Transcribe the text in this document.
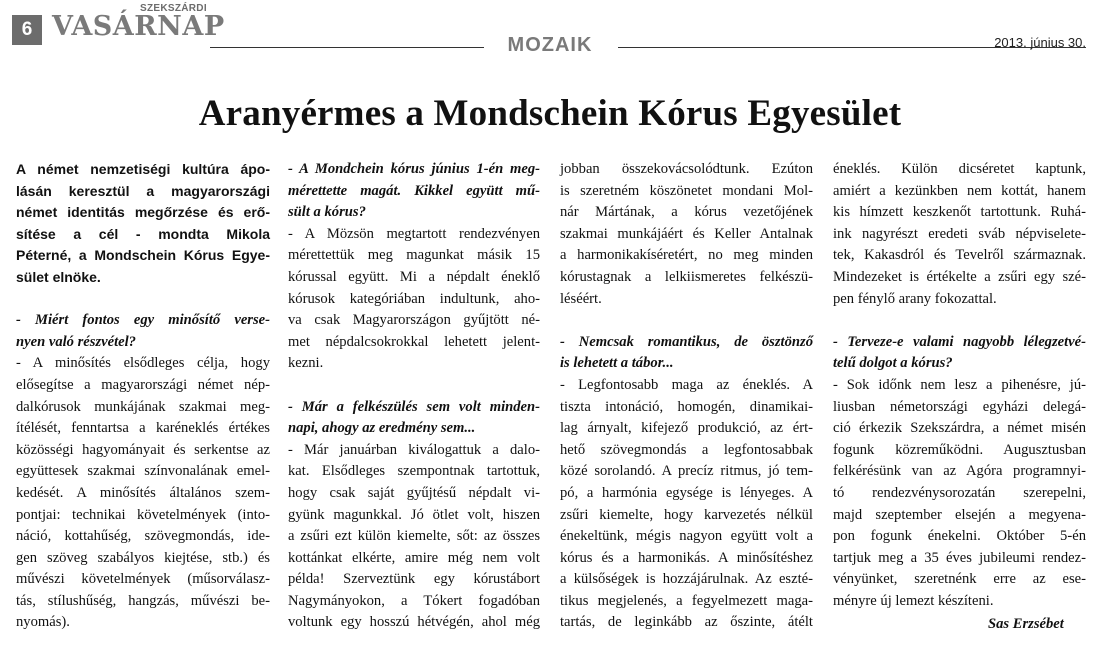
6
SZEKSZÁRDI
VASÁRNAP
MOZAIK	2013. június 30.
Aranyérmes a Mondschein Kórus Egyesület
A német nemzetiségi kultúra ápo-
lásán keresztül a magyarországi
német identitás megőrzése és erő-
sítése a cél - mondta Mikola
Péterné, a Mondschein Kórus Egye-
sület elnöke.
- Miért fontos egy minősítő verse-
nyen való részvétel?
- A minősítés elsődleges célja, hogy
elősegítse a magyarországi német nép-
dalkórusok munkájának szakmai meg-
ítélését, fenntartsa a karéneklés értékes
közösségi hagyományait és serkentse az
együttesek szakmai színvonalának emel-
kedését. A minősítés általános szem-
pontjai: technikai követelmények (into-
náció, kottahűség, szövegmondás, ide-
gen szöveg szabályos kiejtése, stb.) és
művészi követelmények (műsorválasz-
tás, stílushűség, hangzás, művészi be-
nyomás).
- A Mondchein kórus június 1-én meg-
mérettette magát. Kikkel együtt mű-
sült a kórus?
- A Mözsön megtartott rendezvényen
mérettettük meg magunkat másik 15
kórussal együtt. Mi a népdalt éneklő
kórusok kategóriában indultunk, aho-
va csak Magyarországon gyűjtött né-
met népdalcsokrokkal lehetett jelent-
kezni.
- Már a felkészülés sem volt minden-
napi, ahogy az eredmény sem...
- Már januárban kiválogattuk a dalo-
kat. Elsődleges szempontnak tartottuk,
hogy csak saját gyűjtésű népdalt vi-
gyünk magunkkal. Jó ötlet volt, hiszen
a zsűri ezt külön kiemelte, sőt: az összes
kottánkat elkérte, amire még nem volt
példa! Szerveztünk egy kórustábort
Nagymányokon, a Tókert fogadóban
voltunk egy hosszú hétvégén, ahol még
jobban összekovácsolódtunk. Ezúton
is szeretném köszönetet mondani Mol-
nár Mártának, a kórus vezetőjének
szakmai munkájáért és Keller Antalnak
a harmonikakíséretért, no meg minden
kórustagnak a lelkiismeretes felkészü-
léséért.
- Nemcsak romantikus, de ösztönző
is lehetett a tábor...
- Legfontosabb maga az éneklés. A
tiszta intonáció, homogén, dinamikai-
lag árnyalt, kifejező produkció, az ért-
hető szövegmondás a legfontosabbak
közé sorolandó. A precíz ritmus, jó tem-
pó, a harmónia egysége is lényeges. A
zsűri kiemelte, hogy karvezetés nélkül
énekeltünk, mégis nagyon együtt volt a
kórus és a harmonikás. A minősítéshez
a külsőségek is hozzájárulnak. Az eszté-
tikus megjelenés, a fegyelmezett maga-
tartás, de leginkább az őszinte, átélt
éneklés. Külön dicséretet kaptunk,
amiért a kezünkben nem kottát, hanem
kis hímzett keszkenőt tartottunk. Ruhá-
ink nagyrészt eredeti sváb népviselete-
tek, Kakasdról és Tevelről származnak.
Mindezeket is értékelte a zsűri egy szé-
pen fénylő arany fokozattal.
- Terveze-e valami nagyobb lélegzetvé-
telű dolgot a kórus?
- Sok időnk nem lesz a pihenésre, jú-
liusban németországi egyházi delegá-
ció érkezik Szekszárdra, a német misén
fogunk közreműködni. Augusztusban
felkérésünk van az Agóra programnyi-
tó rendezvénysorozatán szerepelni,
majd szeptember elsején a megyena-
pon fogunk énekelni. Október 5-én
tartjuk meg a 35 éves jubileumi rendez-
vényünket, szeretnénk erre az ese-
ményre új lemezt készíteni.
Sas Erzsébet
